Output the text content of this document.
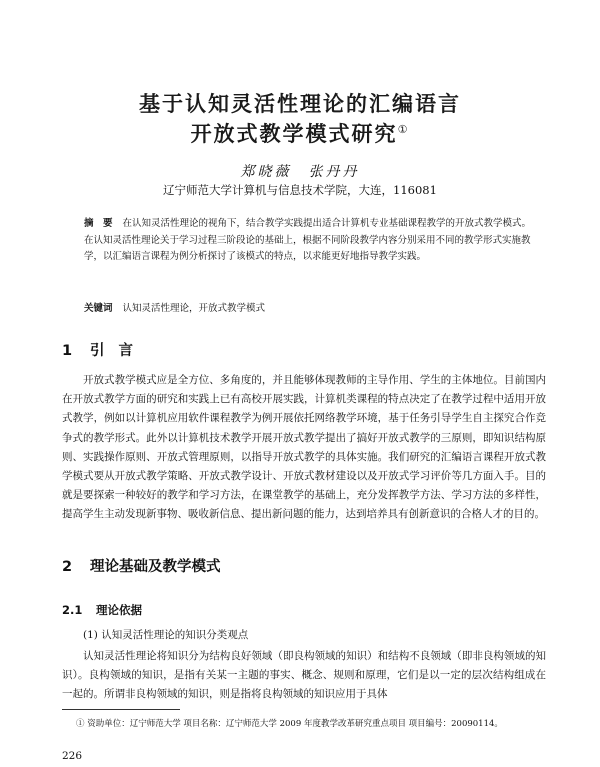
基于认知灵活性理论的汇编语言
开放式教学模式研究①
郑晓薇　张丹丹
辽宁师范大学计算机与信息技术学院，大连，116081
摘　要 在认知灵活性理论的视角下，结合教学实践提出适合计算机专业基础课程教学的开放式教学模式。在认知灵活性理论关于学习过程三阶段论的基础上，根据不同阶段教学内容分别采用不同的教学形式实施教学，以汇编语言课程为例分析探讨了该模式的特点，以求能更好地指导教学实践。
关键词 认知灵活性理论，开放式教学模式
1 引言
开放式教学模式应是全方位、多角度的，并且能够体现教师的主导作用、学生的主体地位。目前国内在开放式教学方面的研究和实践上已有高校开展实践，计算机类课程的特点决定了在教学过程中适用开放式教学，例如以计算机应用软件课程教学为例开展依托网络教学环境，基于任务引导学生自主探究合作竞争式的教学形式。此外以计算机技术教学开展开放式教学提出了搞好开放式教学的三原则，即知识结构原则、实践操作原则、开放式管理原则，以指导开放式教学的具体实施。我们研究的汇编语言课程开放式教学模式要从开放式教学策略、开放式教学设计、开放式教材建设以及开放式学习评价等几方面入手。目的就是要探索一种较好的教学和学习方法，在课堂教学的基础上，充分发挥教学方法、学习方法的多样性，提高学生主动发现新事物、吸收新信息、提出新问题的能力，达到培养具有创新意识的合格人才的目的。
2 理论基础及教学模式
2.1 理论依据
(1) 认知灵活性理论的知识分类观点
认知灵活性理论将知识分为结构良好领域（即良构领域的知识）和结构不良领域（即非良构领域的知识）。良构领域的知识，是指有关某一主题的事实、概念、规则和原理，它们是以一定的层次结构组成在一起的。所谓非良构领域的知识，则是指将良构领域的知识应用于具体
① 资助单位：辽宁师范大学 项目名称：辽宁师范大学 2009 年度教学改革研究重点项目 项目编号：20090114。
226
